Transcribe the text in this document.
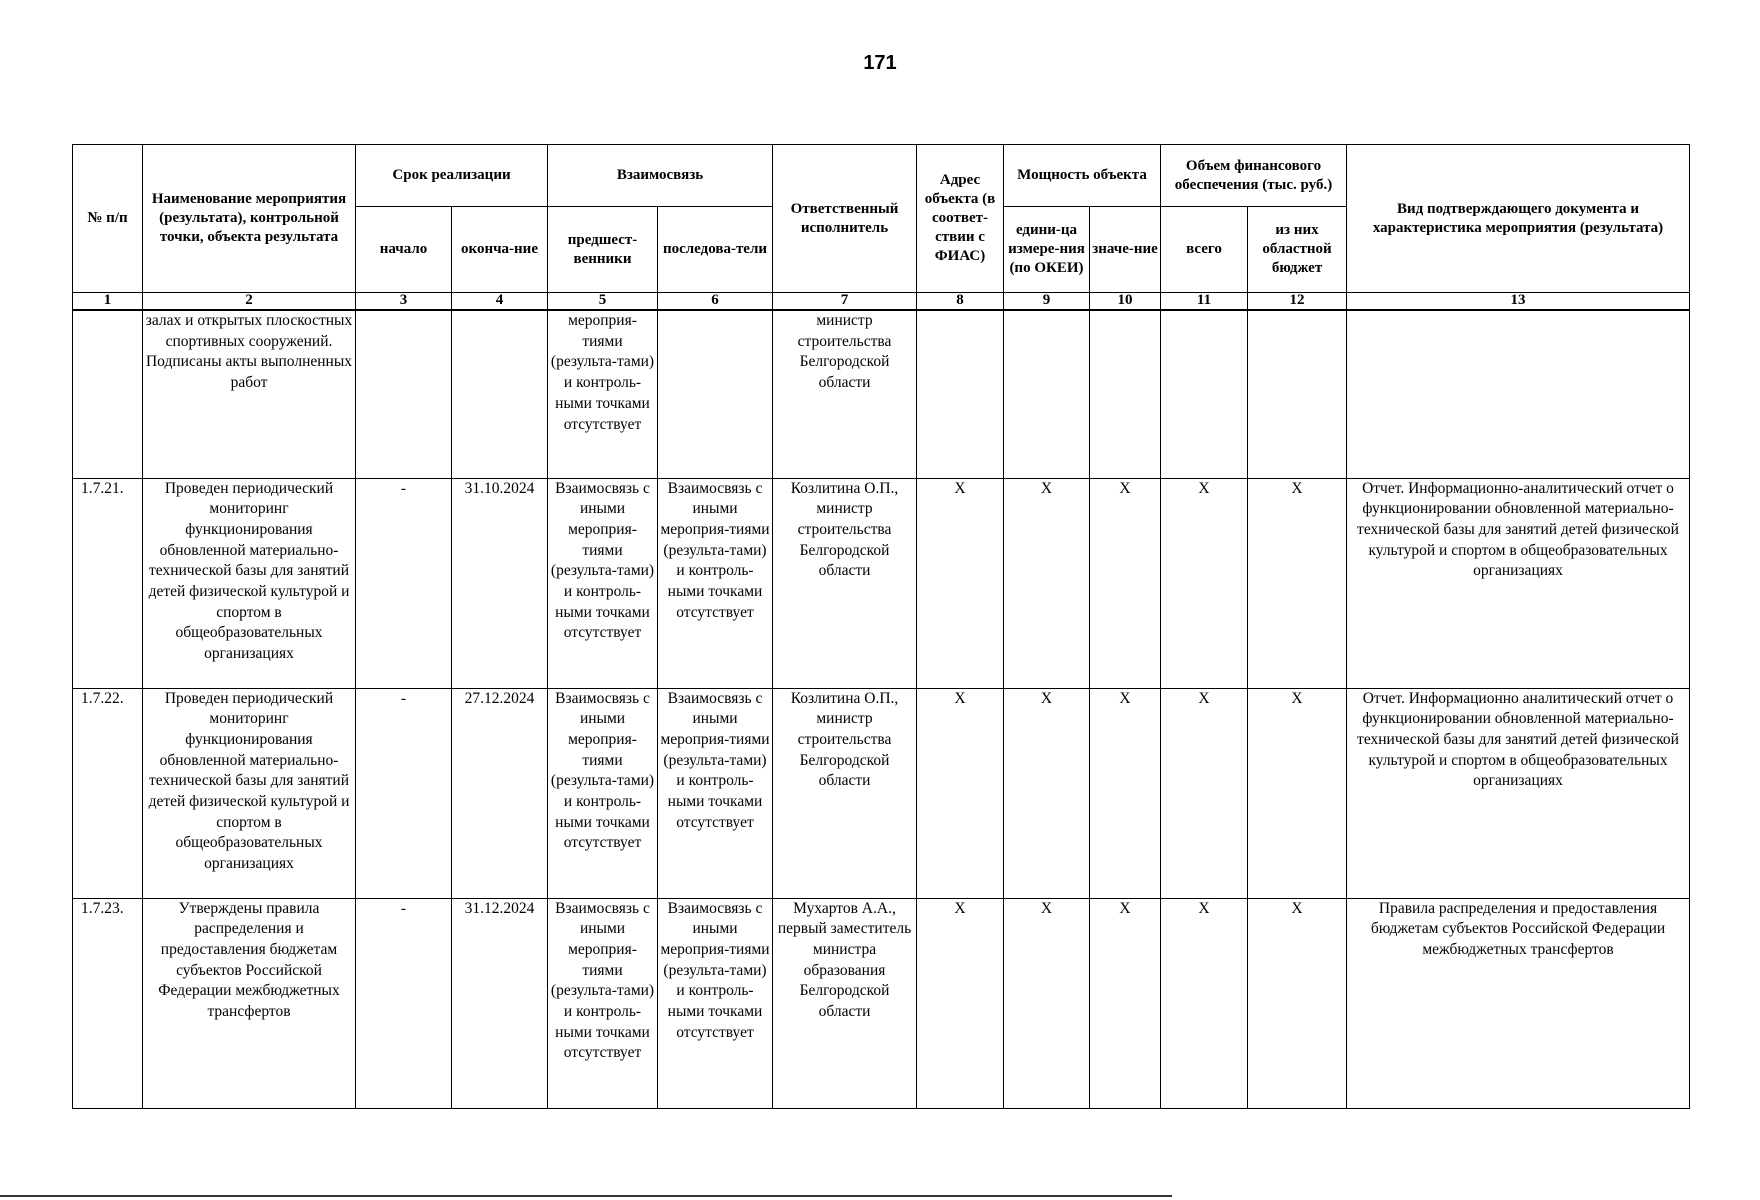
171
№ п/п	Наименование мероприятия (результата), контрольной точки, объекта результата	Срок реализации		Взаимосвязь		Ответственный исполнитель	Адрес объекта (в соответ-ствии с ФИАС)	Мощность объекта		Объем финансового обеспечения (тыс. руб.)		Вид подтверждающего документа и характеристика мероприятия (результата)
		начало	оконча-ние	предшест-венники	последова-тели			едини-ца измере-ния (по ОКЕИ)	значе-ние	всего	из них областной бюджет	
1	2	3	4	5	6	7	8	9	10	11	12	13
	залах и открытых плоскостных спортивных сооружений. Подписаны акты выполненных работ			мероприя-тиями (результа-тами) и контроль-ными точками отсутствует		министр строительства Белгородской области						
1.7.21.	Проведен периодический мониторинг функционирования обновленной материально-технической базы для занятий детей физической культурой и спортом в общеобразовательных организациях	-	31.10.2024	Взаимосвязь с иными мероприя-тиями (результа-тами) и контроль-ными точками отсутствует	Взаимосвязь с иными мероприя-тиями (результа-тами) и контроль-ными точками отсутствует	Козлитина О.П., министр строительства Белгородской области	X	X	X	X	X	Отчет. Информационно-аналитический отчет о функционировании обновленной материально-технической базы для занятий детей физической культурой и спортом в общеобразовательных организациях
1.7.22.	Проведен периодический мониторинг функционирования обновленной материально-технической базы для занятий детей физической культурой и спортом в общеобразовательных организациях	-	27.12.2024	Взаимосвязь с иными мероприя-тиями (результа-тами) и контроль-ными точками отсутствует	Взаимосвязь с иными мероприя-тиями (результа-тами) и контроль-ными точками отсутствует	Козлитина О.П., министр строительства Белгородской области	X	X	X	X	X	Отчет. Информационно аналитический отчет о функционировании обновленной материально-технической базы для занятий детей физической культурой и спортом в общеобразовательных организациях
1.7.23.	Утверждены правила распределения и предоставления бюджетам субъектов Российской Федерации межбюджетных трансфертов	-	31.12.2024	Взаимосвязь с иными мероприя-тиями (результа-тами) и контроль-ными точками отсутствует	Взаимосвязь с иными мероприя-тиями (результа-тами) и контроль-ными точками отсутствует	Мухартов А.А., первый заместитель министра образования Белгородской области	X	X	X	X	X	Правила распределения и предоставления бюджетам субъектов Российской Федерации межбюджетных трансфертов
